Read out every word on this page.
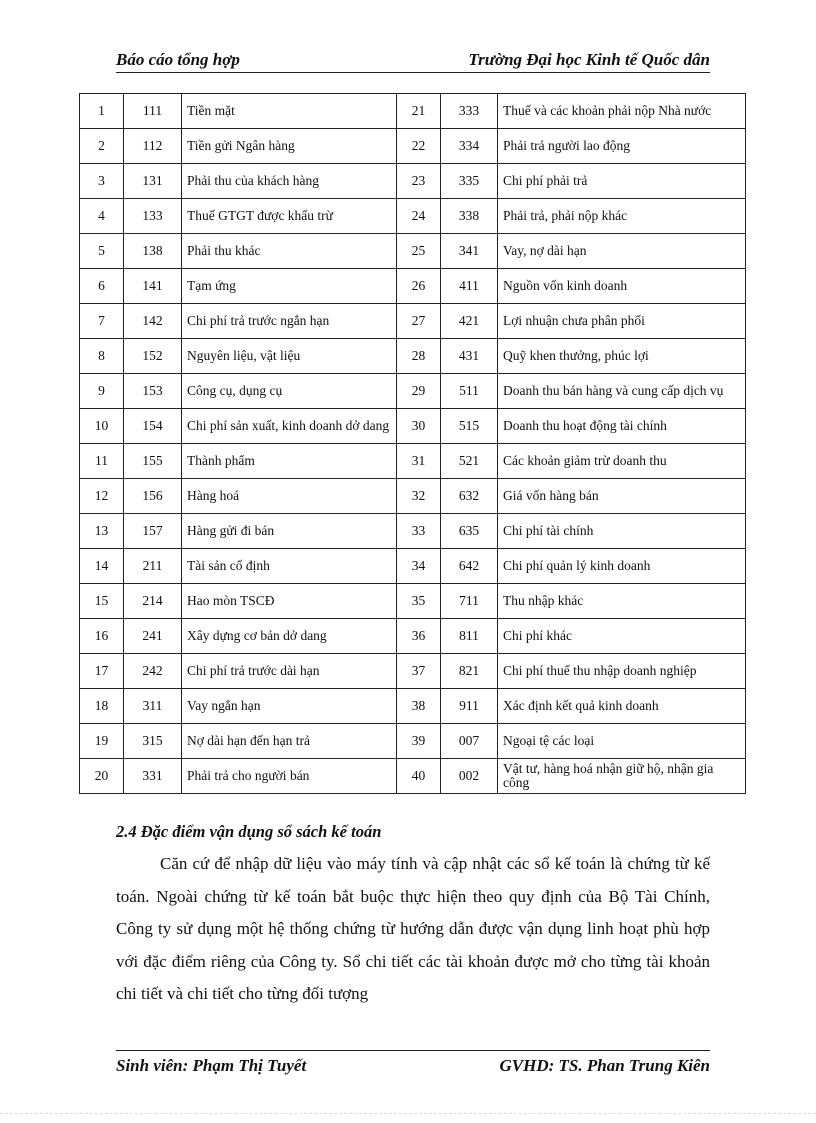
Báo cáo tổng hợp	Trường Đại học Kinh tế Quốc dân
1	111	Tiền mặt	21	333	Thuế và các khoản phải nộp Nhà nước
2	112	Tiền gửi Ngân hàng	22	334	Phải trả người lao động
3	131	Phải thu của khách hàng	23	335	Chi phí phải trả
4	133	Thuế GTGT được khấu trừ	24	338	Phải trả, phải nộp khác
5	138	Phải thu khác	25	341	Vay, nợ dài hạn
6	141	Tạm ứng	26	411	Nguồn vốn kinh doanh
7	142	Chi phí trả trước ngắn hạn	27	421	Lợi nhuận chưa phân phối
8	152	Nguyên liệu, vật liệu	28	431	Quỹ khen thưởng, phúc lợi
9	153	Công cụ, dụng cụ	29	511	Doanh thu bán hàng và cung cấp dịch vụ
10	154	Chi phí sản xuất, kinh doanh dở dang	30	515	Doanh thu hoạt động tài chính
11	155	Thành phẩm	31	521	Các khoản giảm trừ doanh thu
12	156	Hàng hoá	32	632	Giá vốn hàng bán
13	157	Hàng gửi đi bán	33	635	Chi phí tài chính
14	211	Tài sản cố định	34	642	Chi phí quản lý kinh doanh
15	214	Hao mòn TSCĐ	35	711	Thu nhập khác
16	241	Xây dựng cơ bản dở dang	36	811	Chi phí khác
17	242	Chi phí trả trước dài hạn	37	821	Chi phí thuế thu nhập doanh nghiệp
18	311	Vay ngắn hạn	38	911	Xác định kết quả kinh doanh
19	315	Nợ dài hạn đến hạn trả	39	007	Ngoại tệ các loại
20	331	Phải trả cho người bán	40	002	Vật tư, hàng hoá nhận giữ hộ, nhận gia công
2.4 Đặc điểm vận dụng sổ sách kế toán

Căn cứ để nhập dữ liệu vào máy tính và cập nhật các sổ kế toán là chứng từ kế toán. Ngoài chứng từ kế toán bắt buộc thực hiện theo quy định của Bộ Tài Chính, Công ty sử dụng một hệ thống chứng từ hướng dẫn được vận dụng linh hoạt phù hợp với đặc điểm riêng của Công ty. Sổ chi tiết các tài khoản được mở cho từng tài khoản chi tiết và chi tiết cho từng đối tượng

Sinh viên: Phạm Thị Tuyết	GVHD: TS. Phan Trung Kiên
